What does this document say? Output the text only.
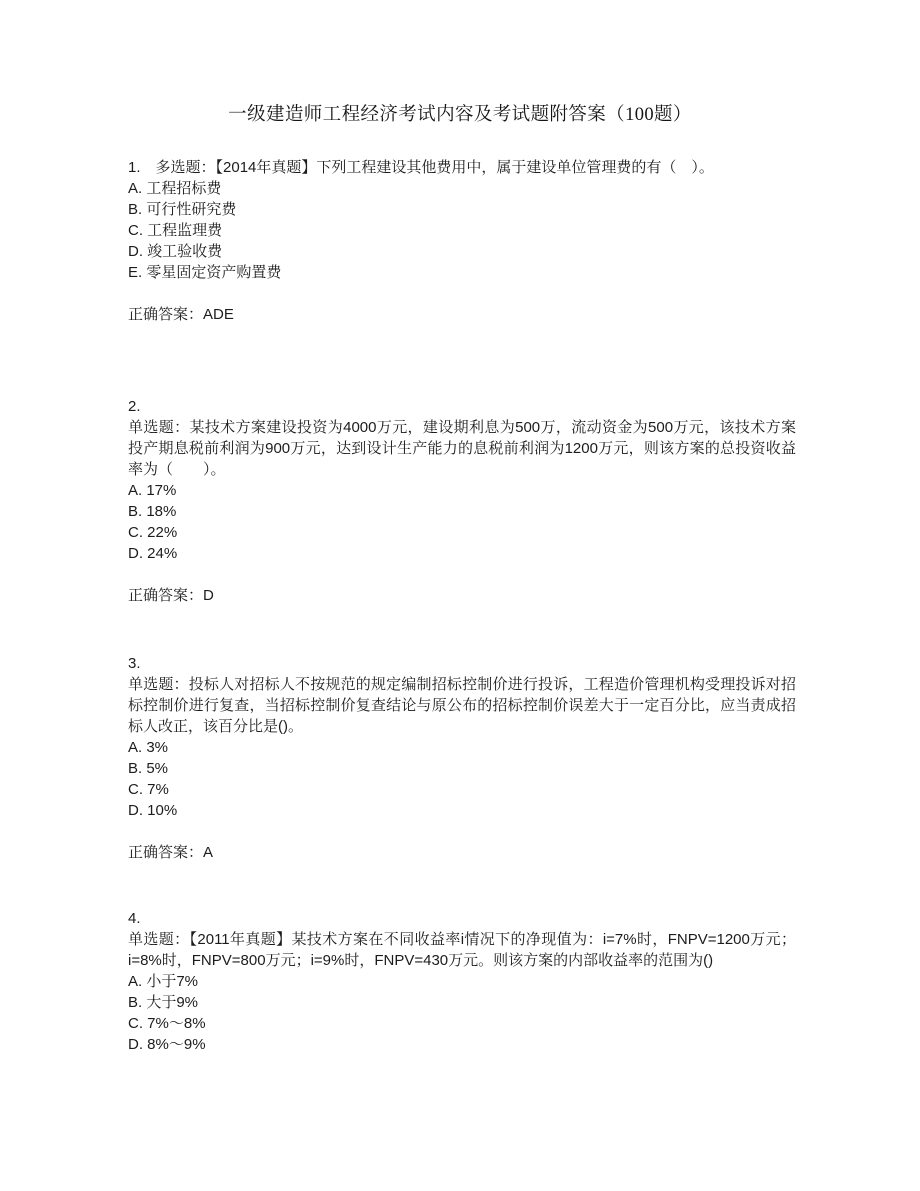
一级建造师工程经济考试内容及考试题附答案（100题）
1.　多选题：【2014年真题】下列工程建设其他费用中，属于建设单位管理费的有（　）。
A. 工程招标费
B. 可行性研究费
C. 工程监理费
D. 竣工验收费
E. 零星固定资产购置费
正确答案：ADE
2.
单选题：某技术方案建设投资为4000万元，建设期利息为500万，流动资金为500万元，该技术方案投产期息税前利润为900万元，达到设计生产能力的息税前利润为1200万元，则该方案的总投资收益率为（　　）。
A. 17%
B. 18%
C. 22%
D. 24%
正确答案：D
3.
单选题：投标人对招标人不按规范的规定编制招标控制价进行投诉，工程造价管理机构受理投诉对招标控制价进行复查，当招标控制价复查结论与原公布的招标控制价误差大于一定百分比，应当责成招标人改正，该百分比是()。
A. 3%
B. 5%
C. 7%
D. 10%
正确答案：A
4.
单选题：【2011年真题】某技术方案在不同收益率i情况下的净现值为：i=7%时，FNPV=1200万元；i=8%时，FNPV=800万元；i=9%时，FNPV=430万元。则该方案的内部收益率的范围为()
A. 小于7%
B. 大于9%
C. 7%～8%
D. 8%～9%
